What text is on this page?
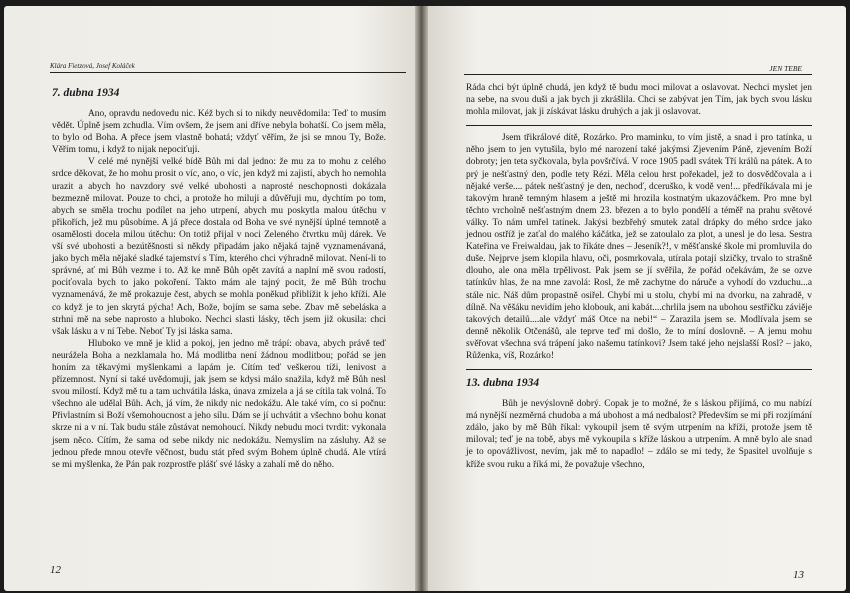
Klára Fietzová, Josef Koláček
7. dubna 1934

Ano, opravdu nedovedu nic. Kéž bych si to nikdy neuvědomila: Teď to musím vědět. Úplně jsem zchudla. Vím ovšem, že jsem ani dříve nebyla bohatší. Co jsem měla, to bylo od Boha. A přece jsem vlastně bohatá; vždyť věřím, že jsi se mnou Ty, Bože. Věřím tomu, i když to nijak nepociťuji.

V celé mé nynější velké bídě Bůh mi dal jedno: že mu za to mohu z celého srdce děkovat, že ho mohu prosit o víc, ano, o víc, jen když mi zajistí, abych ho nemohla urazit a abych ho navzdory své velké ubohosti a naprosté neschopnosti dokázala bezmezně milovat. Pouze to chci, a protože ho miluji a důvěřuji mu, dychtím po tom, abych se směla trochu podílet na jeho utrpení, abych mu poskytla malou útěchu v přikořích, jež mu působíme. A já přece dostala od Boha ve své nynější úplné temnotě a osamělosti docela milou útěchu: On totiž přijal v noci Zeleného čtvrtku můj dárek. Ve vší své ubohosti a bezútěšnosti si někdy připadám jako nějaká tajně vyznamenávaná, jako bych měla nějaké sladké tajemství s Tím, kterého chci výhradně milovat. Není-li to správné, ať mi Bůh vezme i to. Až ke mně Bůh opět zavítá a naplní mě svou radostí, pociťovala bych to jako pokoření. Takto mám ale tajný pocit, že mě Bůh trochu vyznamenává, že mě prokazuje čest, abych se mohla poněkud přiblížit k jeho kříži. Ale co když je to jen skrytá pýcha! Ach, Bože, bojím se sama sebe. Zbav mě sebeláska a strhni mě na sebe naprosto a hluboko. Nechci slasti lásky, těch jsem již okusila: chci však lásku a v ní Tebe. Neboť Ty jsi láska sama.

Hluboko ve mně je klid a pokoj, jen jedno mě trápí: obava, abych právě teď neurážela Boha a nezklamala ho. Má modlitba není žádnou modlitbou; pořád se jen honím za těkavými myšlenkami a lapám je. Cítím teď veškerou tíži, lenivost a přízemnost. Nyní si také uvědomuji, jak jsem se kdysi málo snažila, když mě Bůh nesl svou milostí. Když mě tu a tam uchvátila láska, únava zmizela a já se cítila tak volná. To všechno ale udělal Bůh. Ach, já vím, že nikdy nic nedokážu. Ale také vím, co si počnu: Přivlastním si Boží všemohoucnost a jeho sílu. Dám se jí uchvátit a všechno bohu konat skrze ni a v ní. Tak budu stále zůstávat nemohoucí. Nikdy nebudu moci tvrdit: vykonala jsem něco. Cítím, že sama od sebe nikdy nic nedokážu. Nemyslím na zásluhy. Až se jednou přede mnou otevře věčnost, budu stát před svým Bohem úplně chudá. Ale vtírá se mi myšlenka, že Pán pak rozprostře plášť své lásky a zahalí mě do něho.

12
JEN TEBE

Ráda chci být úplně chudá, jen když tě budu moci milovat a oslavovat. Nechci myslet jen na sebe, na svou duši a jak bych ji zkrášlila. Chci se zabývat jen Tím, jak bych svou lásku mohla milovat, jak ji získávat lásku druhých a jak ji oslavovat.

Jsem třikrálové dítě, Rozárko. Pro maminku, to vím jistě, a snad i pro tatínka, u něho jsem to jen vytušila, bylo mé narození také jakýmsi Zjevením Páně, zjevením Boží dobroty; jen teta syčkovala, byla povšrčívá. V roce 1905 padl svátek Tří králů na pátek. A to prý je nešťastný den, podle tety Rézi. Měla celou hrst pořekadel, jež to dosvědčovala a i nějaké verše.... pátek nešťastný je den, nechoď, dceruško, k vodě ven!... předříkávala mi je takovým hraně temným hlasem a ještě mi hrozila kostnatým ukazováčkem. Pro mne byl těchto vrcholně nešťastným dnem 23. březen a to bylo pondělí a téměř na prahu světové války. To nám umřel tatínek. Jakýsi bezbřehý smutek zatal drápky do mého srdce jako jednou ostříž je zaťal do malého káčátka, jež se zatoulalo za plot, a unesl je do lesa. Sestra Kateřina ve Freiwaldau, jak to říkáte dnes – Jeseník?!, v měšťanské škole mi promluvila do duše. Nejprve jsem klopila hlavu, oči, posmrkovala, utírala potají slzičky, trvalo to strašně dlouho, ale ona měla trpělivost. Pak jsem se jí svěřila, že pořád očekávám, že se ozve tatínkův hlas, že na mne zavolá: Rosl, že mě zachytne do náruče a vyhodí do vzduchu...a stále nic. Náš dům propastně osiřel. Chybí mi u stolu, chybí mi na dvorku, na zahradě, v dílně. Na věšáku nevidím jeho klobouk, ani kabát....chrlila jsem na ubohou sestřičku záviěje takových detailů....ale vždyť máš Otce na nebi!“ – Zarazila jsem se. Modlívala jsem se denně několik Otčenášů, ale teprve teď mi došlo, že to míní doslovně. – A jemu mohu svěřovat všechna svá trápení jako našemu tatínkovi? Jsem také jeho nejslašší Rosl? – jako, Růženka, víš, Rozárko!

13. dubna 1934

Bůh je nevýslovně dobrý. Copak je to možné, že s láskou přijímá, co mu nabízí má nynější nezměrná chudoba a má ubohost a má nedbalost? Především se mi při rozjímání zdálo, jako by mě Bůh říkal: vykoupil jsem tě svým utrpením na kříži, protože jsem tě miloval; teď je na tobě, abys mě vykoupila s kříže láskou a utrpením. A mně bylo ale snad je to opovážlivost, nevím, jak mě to napadlo! – zdálo se mi tedy, že Spasitel uvolňuje s kříže svou ruku a říká mi, že považuje všechno,

13
